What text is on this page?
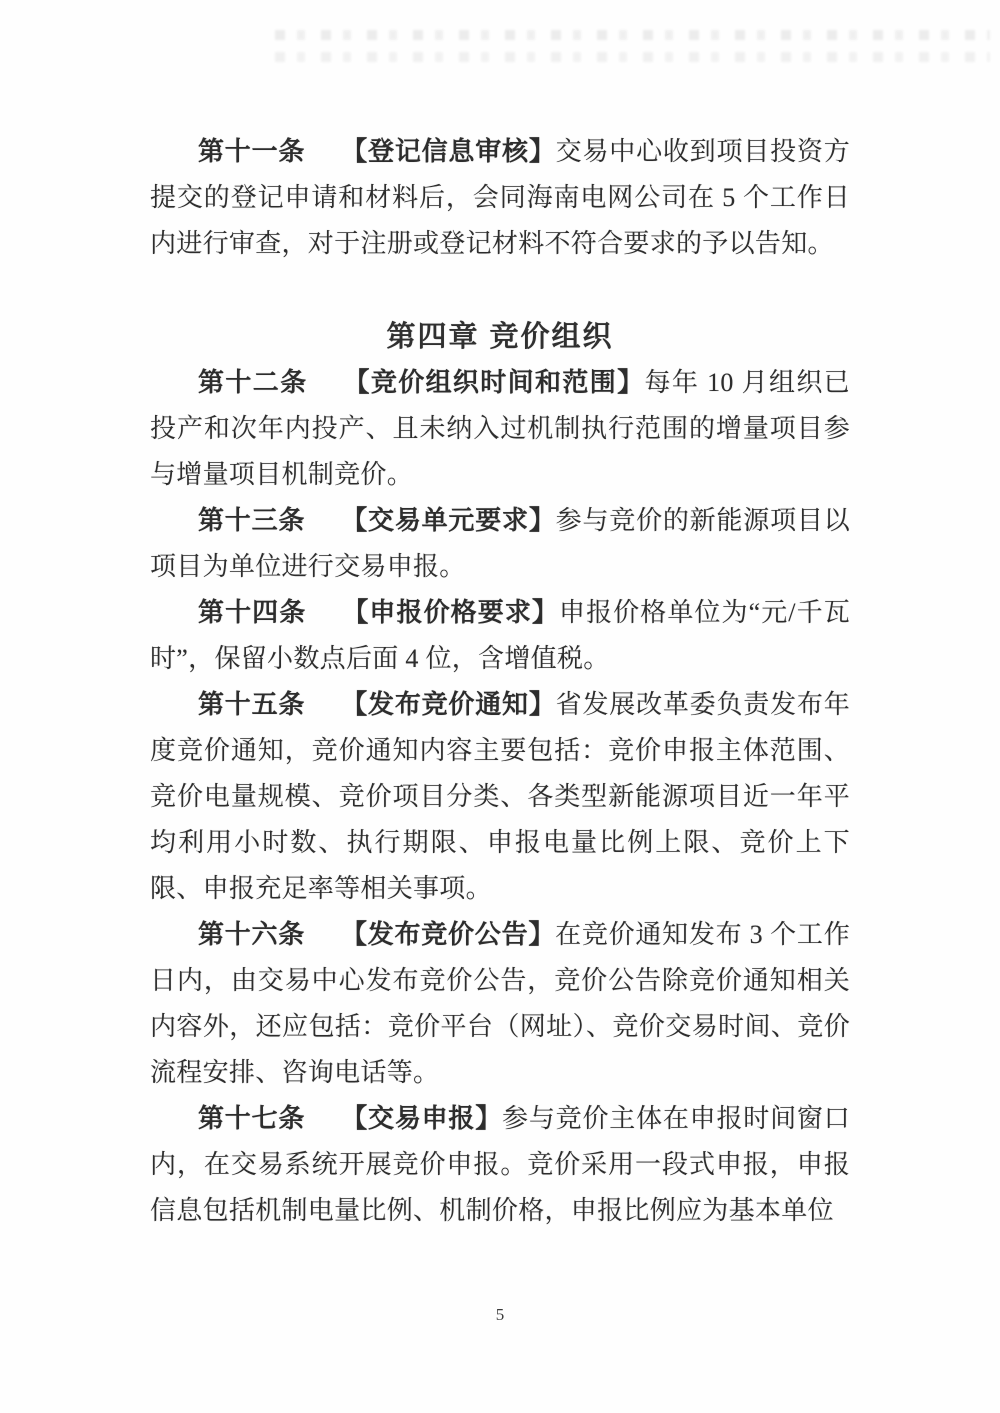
第十一条 【登记信息审核】交易中心收到项目投资方提交的登记申请和材料后，会同海南电网公司在 5 个工作日内进行审查，对于注册或登记材料不符合要求的予以告知。

第四章 竞价组织

第十二条 【竞价组织时间和范围】每年 10 月组织已投产和次年内投产、且未纳入过机制执行范围的增量项目参与增量项目机制竞价。

第十三条 【交易单元要求】参与竞价的新能源项目以项目为单位进行交易申报。

第十四条 【申报价格要求】申报价格单位为“元/千瓦时”，保留小数点后面 4 位，含增值税。

第十五条 【发布竞价通知】省发展改革委负责发布年度竞价通知，竞价通知内容主要包括：竞价申报主体范围、竞价电量规模、竞价项目分类、各类型新能源项目近一年平均利用小时数、执行期限、申报电量比例上限、竞价上下限、申报充足率等相关事项。

第十六条 【发布竞价公告】在竞价通知发布 3 个工作日内，由交易中心发布竞价公告，竞价公告除竞价通知相关内容外，还应包括：竞价平台（网址）、竞价交易时间、竞价流程安排、咨询电话等。

第十七条 【交易申报】参与竞价主体在申报时间窗口内，在交易系统开展竞价申报。竞价采用一段式申报，申报信息包括机制电量比例、机制价格，申报比例应为基本单位

5
